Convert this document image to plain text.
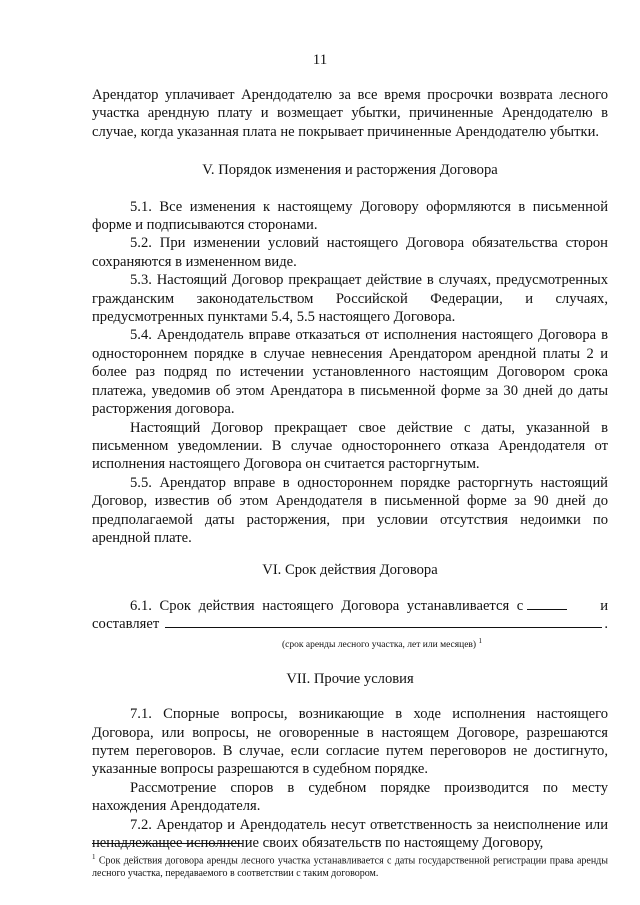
11

Арендатор уплачивает Арендодателю за все время просрочки возврата лесного участка арендную плату и возмещает убытки, причиненные Арендодателю в случае, когда указанная плата не покрывает причиненные Арендодателю убытки.

V. Порядок изменения и расторжения Договора

5.1. Все изменения к настоящему Договору оформляются в письменной форме и подписываются сторонами.

5.2. При изменении условий настоящего Договора обязательства сторон сохраняются в измененном виде.

5.3. Настоящий Договор прекращает действие в случаях, предусмотренных гражданским законодательством Российской Федерации, и случаях, предусмотренных пунктами 5.4, 5.5 настоящего Договора.

5.4. Арендодатель вправе отказаться от исполнения настоящего Договора в одностороннем порядке в случае невнесения Арендатором арендной платы 2 и более раз подряд по истечении установленного настоящим Договором срока платежа, уведомив об этом Арендатора в письменной форме за 30 дней до даты расторжения договора.

Настоящий Договор прекращает свое действие с даты, указанной в письменном уведомлении. В случае одностороннего отказа Арендодателя от исполнения настоящего Договора он считается расторгнутым.

5.5. Арендатор вправе в одностороннем порядке расторгнуть настоящий Договор, известив об этом Арендодателя в письменной форме за 90 дней до предполагаемой даты расторжения, при условии отсутствия недоимки по арендной плате.

VI. Срок действия Договора

6.1. Срок действия настоящего Договора устанавливается с	и
составляет	.
(срок аренды лесного участка, лет или месяцев) $^1$

VII. Прочие условия

7.1. Спорные вопросы, возникающие в ходе исполнения настоящего Договора, или вопросы, не оговоренные в настоящем Договоре, разрешаются путем переговоров. В случае, если согласие путем переговоров не достигнуто, указанные вопросы разрешаются в судебном порядке.

Рассмотрение споров в судебном порядке производится по месту нахождения Арендодателя.

7.2. Арендатор и Арендодатель несут ответственность за неисполнение или ненадлежащее исполнение своих обязательств по настоящему Договору,

$^1$ Срок действия договора аренды лесного участка устанавливается с даты государственной регистрации права аренды лесного участка, передаваемого в соответствии с таким договором.
